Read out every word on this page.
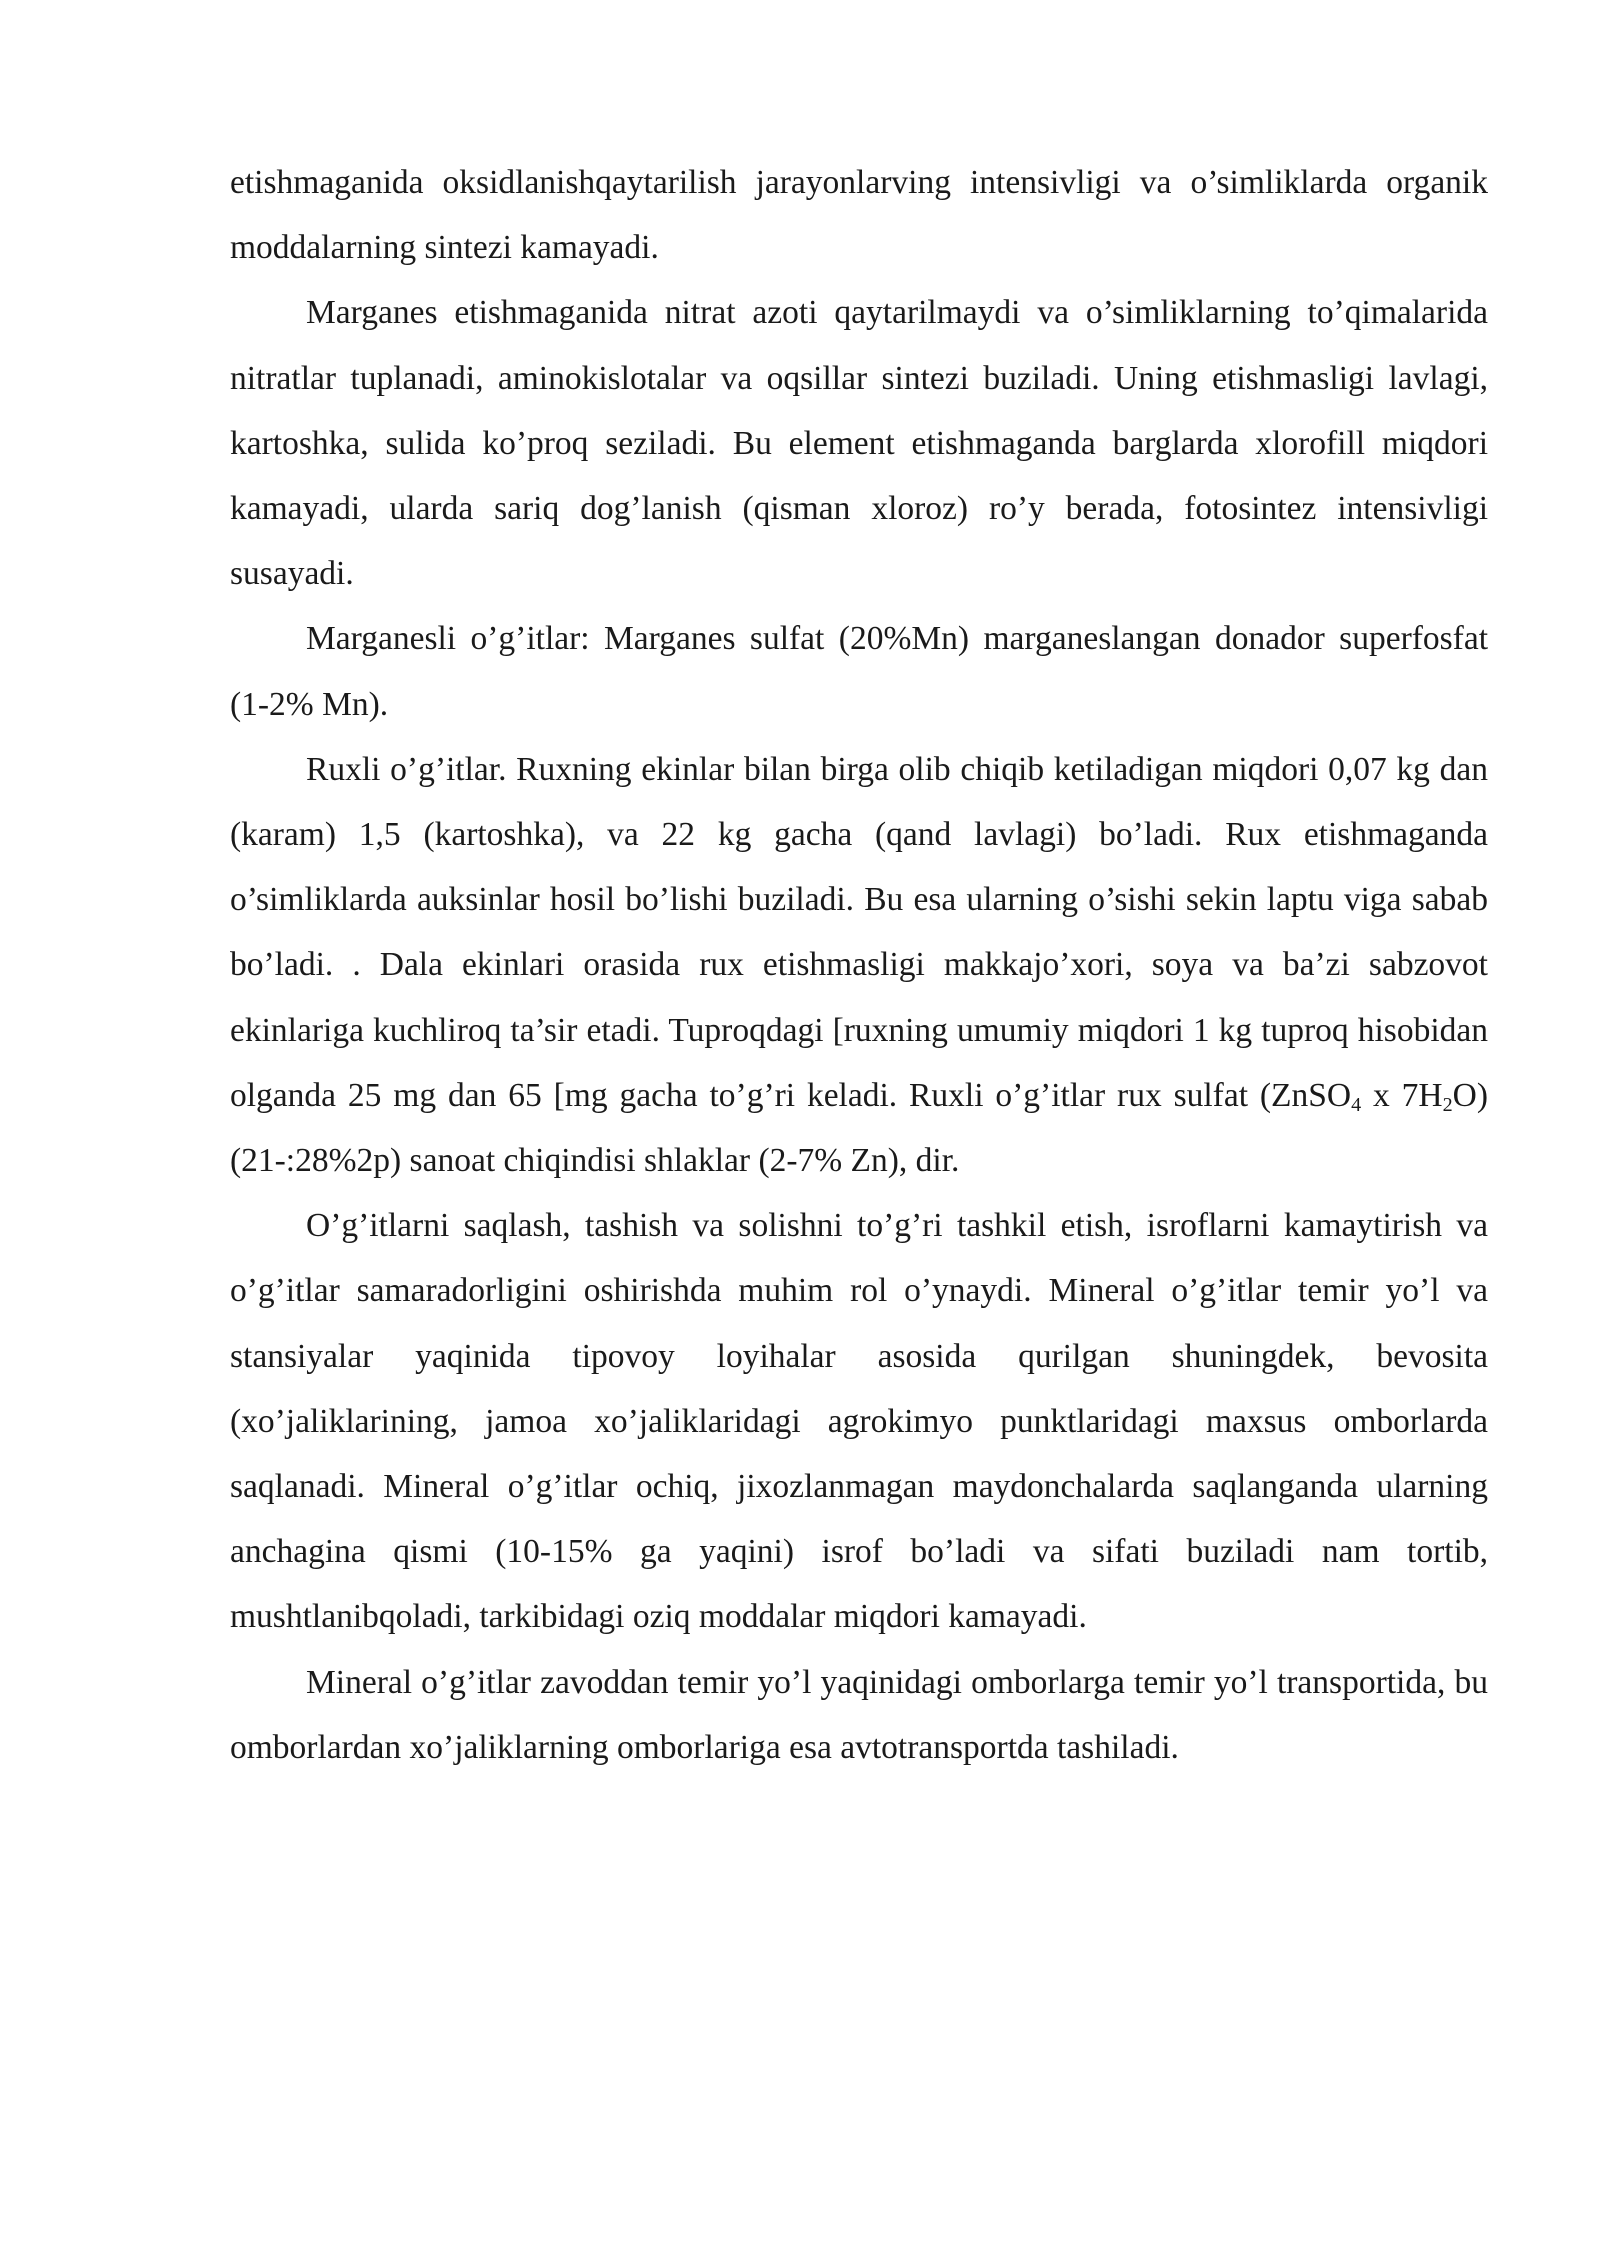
etishmaganida oksidlanishqaytarilish jarayonlarving intensivligi va o’simliklarda organik moddalarning sintezi kamayadi.

Marganes etishmaganida nitrat azoti qaytarilmaydi va o’simliklarning to’qimalarida nitratlar tuplanadi, aminokislotalar va oqsillar sintezi buziladi. Uning etishmasligi lavlagi, kartoshka, sulida ko’proq seziladi. Bu element etishmaganda barglarda xlorofill miqdori kamayadi, ularda sariq dog’lanish (qisman xloroz) ro’y berada, fotosintez intensivligi susayadi.

Marganesli o’g’itlar: Marganes sulfat (20%Mn) marganeslangan donador superfosfat (1-2% Mn).

Ruxli o’g’itlar. Ruxning ekinlar bilan birga olib chiqib ketiladigan miqdori 0,07 kg dan (karam) 1,5 (kartoshka), va 22 kg gacha (qand lavlagi) bo’ladi. Rux etishmaganda o’simliklarda auksinlar hosil bo’lishi buziladi. Bu esa ularning o’sishi sekin laptu viga sabab bo’ladi. . Dala ekinlari orasida rux etishmasligi makkajo’xori, soya va ba’zi sabzovot ekinlariga kuchliroq ta’sir etadi. Tuproqdagi [ruxning umumiy miqdori 1 kg tuproq hisobidan olganda 25 mg dan 65 [mg gacha to’g’ri keladi. Ruxli o’g’itlar rux sulfat (ZnSO$_4$ x $7H_2O$) (21-:28%2p) sanoat chiqindisi shlaklar (2-7% Zn), dir.

O’g’itlarni saqlash, tashish va solishni to’g’ri tashkil etish, isroflarni kamaytirish va o’g’itlar samaradorligini oshirishda muhim rol o’ynaydi. Mineral o’g’itlar temir yo’l va stansiyalar yaqinida tipovoy loyihalar asosida qurilgan shuningdek, bevosita (xo’jaliklarining, jamoa xo’jaliklaridagi agrokimyo punktlaridagi maxsus omborlarda saqlanadi. Mineral o’g’itlar ochiq, jixozlanmagan maydonchalarda saqlanganda ularning anchagina qismi (10-15% ga yaqini) isrof bo’ladi va sifati buziladi nam tortib, mushtlanibqoladi, tarkibidagi oziq moddalar miqdori kamayadi.

Mineral o’g’itlar zavoddan temir yo’l yaqinidagi omborlarga temir yo’l transportida, bu omborlardan xo’jaliklarning omborlariga esa avtotransportda tashiladi.
